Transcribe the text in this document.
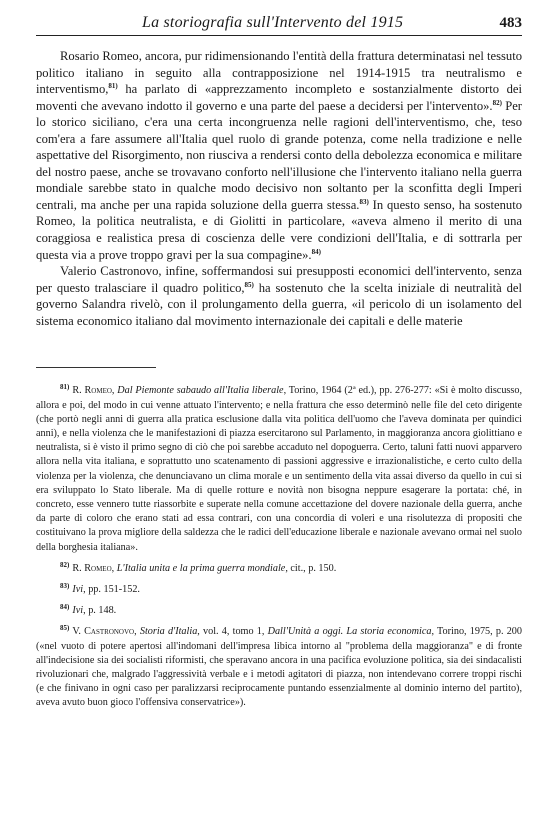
La storiografia sull'Intervento del 1915	483

Rosario Romeo, ancora, pur ridimensionando l'entità della frattura determinatasi nel tessuto politico italiano in seguito alla contrapposizione nel 1914-1915 tra neutralismo e interventismo,$^{81)}$ ha parlato di «apprezzamento incompleto e sostanzialmente distorto dei moventi che avevano indotto il governo e una parte del paese a decidersi per l'intervento».$^{82)}$ Per lo storico siciliano, c'era una certa incongruenza nelle ragioni dell'interventismo, che, teso com'era a fare assumere all'Italia quel ruolo di grande potenza, come nella tradizione e nelle aspettative del Risorgimento, non riusciva a rendersi conto della debolezza economica e militare del nostro paese, anche se trovavano conforto nell'illusione che l'intervento italiano nella guerra mondiale sarebbe stato in qualche modo decisivo non soltanto per la sconfitta degli Imperi centrali, ma anche per una rapida soluzione della guerra stessa.$^{83)}$ In questo senso, ha sostenuto Romeo, la politica neutralista, e di Giolitti in particolare, «aveva almeno il merito di una coraggiosa e realistica presa di coscienza delle vere condizioni dell'Italia, e di sottrarla per questa via a prove troppo gravi per la sua compagine».$^{84)}$

Valerio Castronovo, infine, soffermandosi sui presupposti economici dell'intervento, senza per questo tralasciare il quadro politico,$^{85)}$ ha sostenuto che la scelta iniziale di neutralità del governo Salandra rivelò, con il prolungamento della guerra, «il pericolo di un isolamento del sistema economico italiano dal movimento internazionale dei capitali e delle materie

$^{81)}$ R. Romeo, Dal Piemonte sabaudo all'Italia liberale, Torino, 1964 (2ª ed.), pp. 276-277: «Si è molto discusso, allora e poi, del modo in cui venne attuato l'intervento; e nella frattura che esso determinò nelle file del ceto dirigente (che portò negli anni di guerra alla pratica esclusione dalla vita politica dell'uomo che l'aveva dominata per quindici anni), e nella violenza che le manifestazioni di piazza esercitarono sul Parlamento, in maggioranza ancora giolittiano e neutralista, si è visto il primo segno di ciò che poi sarebbe accaduto nel dopoguerra. Certo, taluni fatti nuovi apparvero allora nella vita italiana, e soprattutto uno scatenamento di passioni aggressive e irrazionalistiche, e certo culto della violenza per la violenza, che denunciavano un clima morale e un sentimento della vita assai diverso da quello in cui si era sviluppato lo Stato liberale. Ma di quelle rotture e novità non bisogna neppure esagerare la portata: ché, in concreto, esse vennero tutte riassorbite e superate nella comune accettazione del dovere nazionale della guerra, anche da parte di coloro che erano stati ad essa contrari, con una concordia di voleri e una risolutezza di propositi che costituivano la prova migliore della saldezza che le radici dell'educazione liberale e nazionale avevano ormai nel suolo della borghesia italiana».

$^{82)}$ R. Romeo, L'Italia unita e la prima guerra mondiale, cit., p. 150.

$^{83)}$ Ivi, pp. 151-152.

$^{84)}$ Ivi, p. 148.

$^{85)}$ V. Castronovo, Storia d'Italia, vol. 4, tomo 1, Dall'Unità a oggi. La storia economica, Torino, 1975, p. 200 («nel vuoto di potere apertosi all'indomani dell'impresa libica intorno al "problema della maggioranza" e di fronte all'indecisione sia dei socialisti riformisti, che speravano ancora in una pacifica evoluzione politica, sia dei sindacalisti rivoluzionari che, malgrado l'aggressività verbale e i metodi agitatori di piazza, non intendevano correre troppi rischi (e che finivano in ogni caso per paralizzarsi reciprocamente puntando essenzialmente al dominio interno del partito), aveva avuto buon gioco l'offensiva conservatrice»).
